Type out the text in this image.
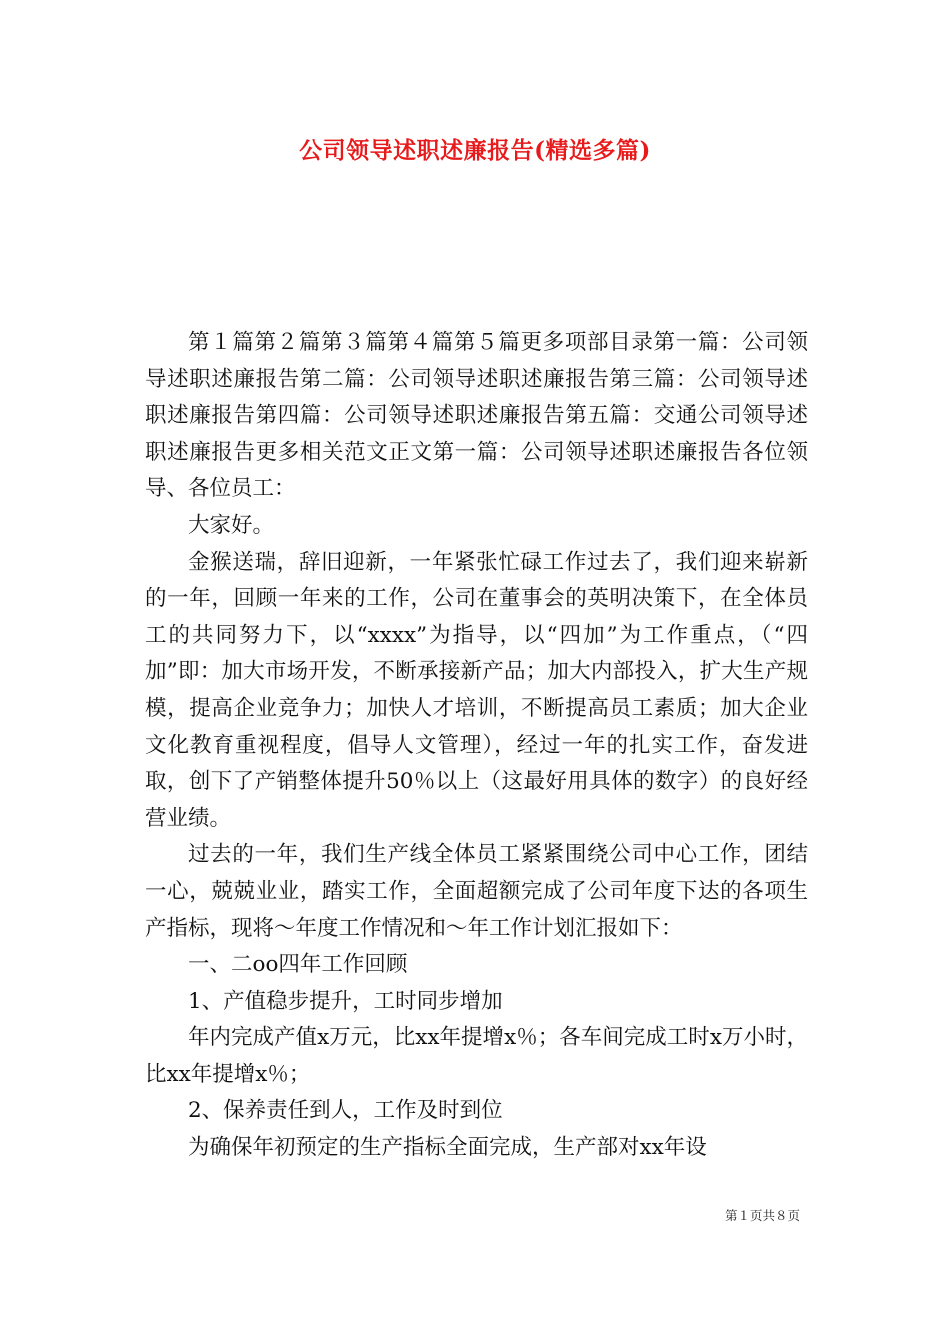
公司领导述职述廉报告(精选多篇)

第１篇第２篇第３篇第４篇第５篇更多项部目录第一篇：公司领导述职述廉报告第二篇：公司领导述职述廉报告第三篇：公司领导述职述廉报告第四篇：公司领导述职述廉报告第五篇：交通公司领导述职述廉报告更多相关范文正文第一篇：公司领导述职述廉报告各位领导、各位员工：

大家好。

金猴送瑞，辞旧迎新，一年紧张忙碌工作过去了，我们迎来崭新的一年，回顾一年来的工作，公司在董事会的英明决策下，在全体员工的共同努力下，以“xxxx”为指导，以“四加”为工作重点，（“四加”即：加大市场开发，不断承接新产品；加大内部投入，扩大生产规模，提高企业竞争力；加快人才培训，不断提高员工素质；加大企业文化教育重视程度，倡导人文管理），经过一年的扎实工作，奋发进取，创下了产销整体提升50％以上（这最好用具体的数字）的良好经营业绩。

过去的一年，我们生产线全体员工紧紧围绕公司中心工作，团结一心，兢兢业业，踏实工作，全面超额完成了公司年度下达的各项生产指标，现将～年度工作情况和～年工作计划汇报如下：

一、二oo四年工作回顾

1、产值稳步提升，工时同步增加

年内完成产值x万元，比xx年提增x％；各车间完成工时x万小时，比xx年提增x％；

2、保养责任到人，工作及时到位

为确保年初预定的生产指标全面完成，生产部对xx年设

第１页共８页
